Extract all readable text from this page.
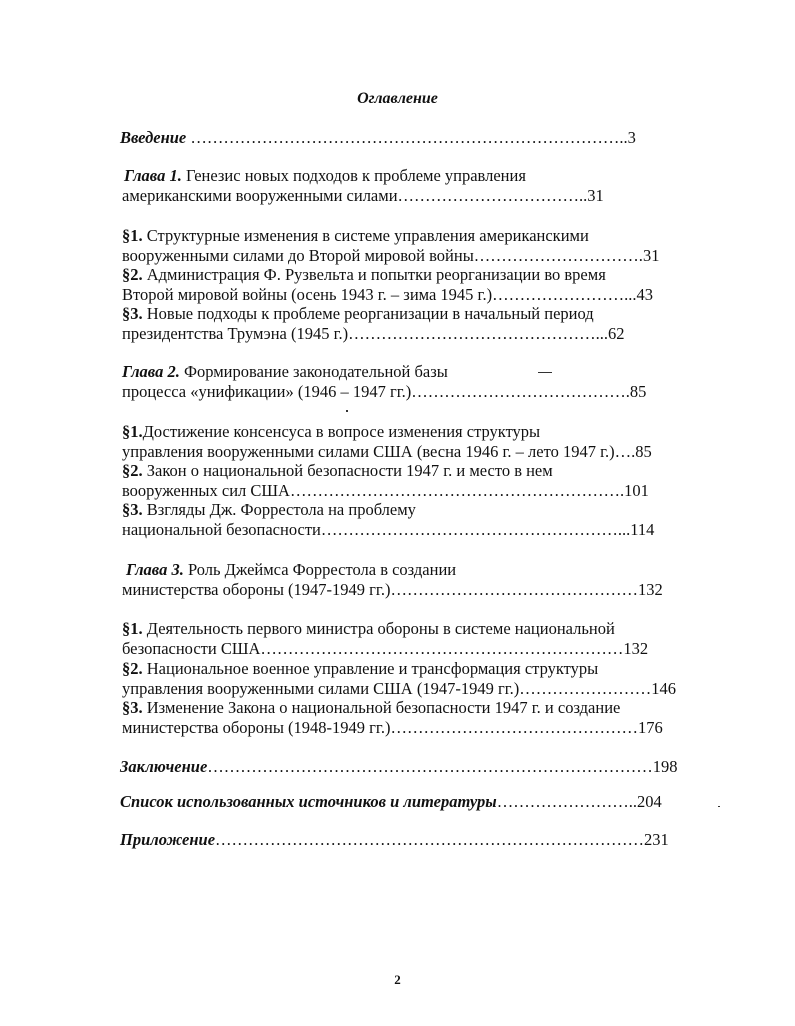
Оглавление
Введение ……………………………………………………………………..3
Глава 1. Генезис новых подходов к проблеме управления
американскими вооруженными силами……………………………..31
§1. Структурные изменения в системе управления американскими
вооруженными силами до Второй мировой войны………………………….31
§2. Администрация Ф. Рузвельта и попытки реорганизации во время
Второй мировой войны (осень 1943 г. – зима 1945 г.)……………………...43
§3. Новые подходы к проблеме реорганизации в начальный период
президентства Трумэна (1945 г.)………………………………………...62
Глава 2. Формирование законодательной базы
процесса «унификации» (1946 – 1947 гг.)………………………………….85
§1.Достижение консенсуса в вопросе изменения структуры
управления вооруженными силами США (весна 1946 г. – лето 1947 г.)….85
§2. Закон о национальной безопасности 1947 г. и место в нем
вооруженных сил США…………………………………………………….101
§3. Взгляды Дж. Форрестола на проблему
национальной безопасности………………………………………………...114
Глава 3. Роль Джеймса Форрестола в создании
министерства обороны (1947-1949 гг.)………………………………………132
§1. Деятельность первого министра обороны в системе национальной
безопасности США…………………………………………………………132
§2. Национальное военное управление и трансформация структуры
управления вооруженными силами США (1947-1949 гг.)……………………146
§3. Изменение Закона о национальной безопасности 1947 г. и создание
министерства обороны (1948-1949 гг.)………………………………………176
Заключение………………………………………………………………………198
Список использованных источников и литературы……………………..204
Приложение……………………………………………………………………231
2
